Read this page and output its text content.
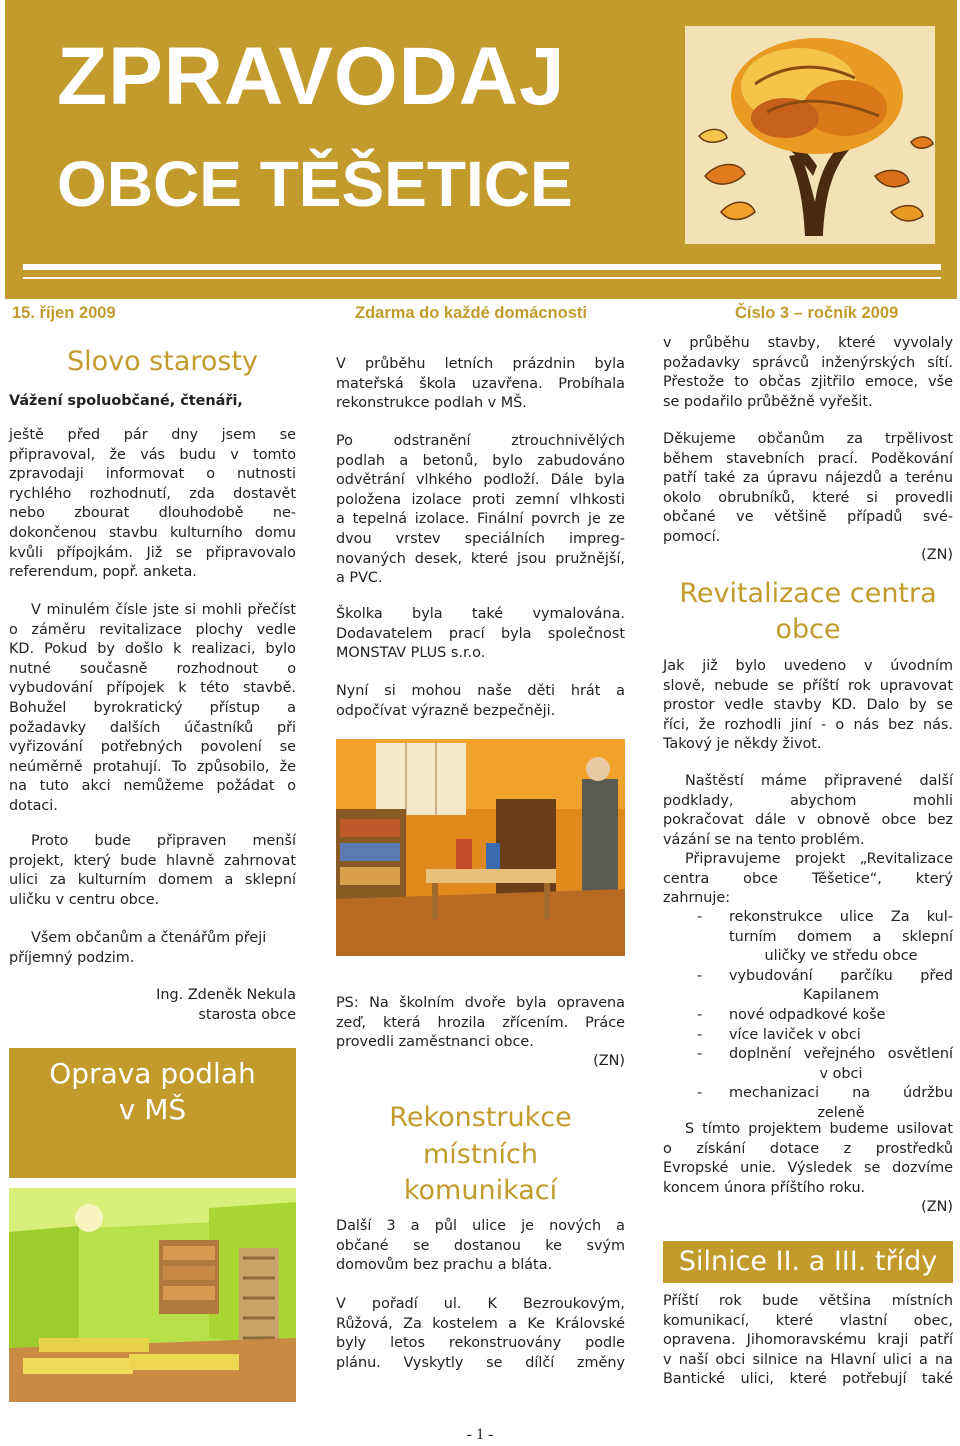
ZPRAVODAJ
OBCE TĚŠETICE
15. říjen 2009	Zdarma do každé domácnosti	Číslo 3 – ročník 2009
Slovo starosty
Vážení spoluobčané, čtenáři,
ještě před pár dny jsem se
připravoval, že vás budu v tomto
zpravodaji informovat o nutnosti
rychlého rozhodnutí, zda dostavět
nebo zbourat dlouhodobě ne-
dokončenou stavbu kulturního domu
kvůli přípojkám. Již se připravovalo
referendum, popř. anketa.
V minulém čísle jste si mohli přečíst
o záměru revitalizace plochy vedle
KD. Pokud by došlo k realizaci, bylo
nutné současně rozhodnout o
vybudování přípojek k této stavbě.
Bohužel byrokratický přístup a
požadavky dalších účastníků při
vyřizování potřebných povolení se
neúměrně protahují. To způsobilo, že
na tuto akci nemůžeme požádat o
dotaci.
Proto bude připraven menší
projekt, který bude hlavně zahrnovat
ulici za kulturním domem a sklepní
uličku v centru obce.
Všem občanům a čtenářům přeji
příjemný podzim.
Ing. Zdeněk Nekula
starosta obce
Oprava podlah
v MŠ
V průběhu letních prázdnin byla
mateřská škola uzavřena. Probíhala
rekonstrukce podlah v MŠ.
Po odstranění ztrouchnivělých
podlah a betonů, bylo zabudováno
odvětrání vlhkého podloží. Dále byla
položena izolace proti zemní vlhkosti
a tepelná izolace. Finální povrch je ze
dvou vrstev speciálních impreg-
novaných desek, které jsou pružnější,
a PVC.
Školka byla také vymalována.
Dodavatelem prací byla společnost
MONSTAV PLUS s.r.o.
Nyní si mohou naše děti hrát a
odpočívat výrazně bezpečněji.
PS: Na školním dvoře byla opravena
zeď, která hrozila zřícením. Práce
provedli zaměstnanci obce.
(ZN)
Rekonstrukce
místních
komunikací
Další 3 a půl ulice je nových a
občané se dostanou ke svým
domovům bez prachu a bláta.
V pořadí ul. K Bezroukovým,
Růžová, Za kostelem a Ke Královské
byly letos rekonstruovány podle
plánu. Vyskytly se dílčí změny
v průběhu stavby, které vyvolaly
požadavky správců inženýrských sítí.
Přestože to občas zjitřilo emoce, vše
se podařilo průběžně vyřešit.
Děkujeme občanům za trpělivost
během stavebních prací. Poděkování
patří také za úpravu nájezdů a terénu
okolo obrubníků, které si provedli
občané ve většině případů své-
pomocí.
(ZN)
Revitalizace centra
obce
Jak již bylo uvedeno v úvodním
slově, nebude se příští rok upravovat
prostor vedle stavby KD. Dalo by se
říci, že rozhodli jiní - o nás bez nás.
Takový je někdy život.
Naštěstí máme připravené další
podklady, abychom mohli
pokračovat dále v obnově obce bez
vázání se na tento problém.
Připravujeme projekt „Revitalizace
centra obce Těšetice“, který
zahrnuje:
- rekonstrukce ulice Za kul-
turním domem a sklepní
uličky ve středu obce
- vybudování parčíku před
Kapilanem
- nové odpadkové koše
- více laviček v obci
- doplnění veřejného osvětlení
v obci
- mechanizaci na údržbu
zeleně
S tímto projektem budeme usilovat
o získání dotace z prostředků
Evropské unie. Výsledek se dozvíme
koncem února příštího roku.
(ZN)
Silnice II. a III. třídy
Příští rok bude většina místních
komunikací, které vlastní obec,
opravena. Jihomoravskému kraji patří
v naší obci silnice na Hlavní ulici a na
Bantické ulici, které potřebují také
- 1 -
